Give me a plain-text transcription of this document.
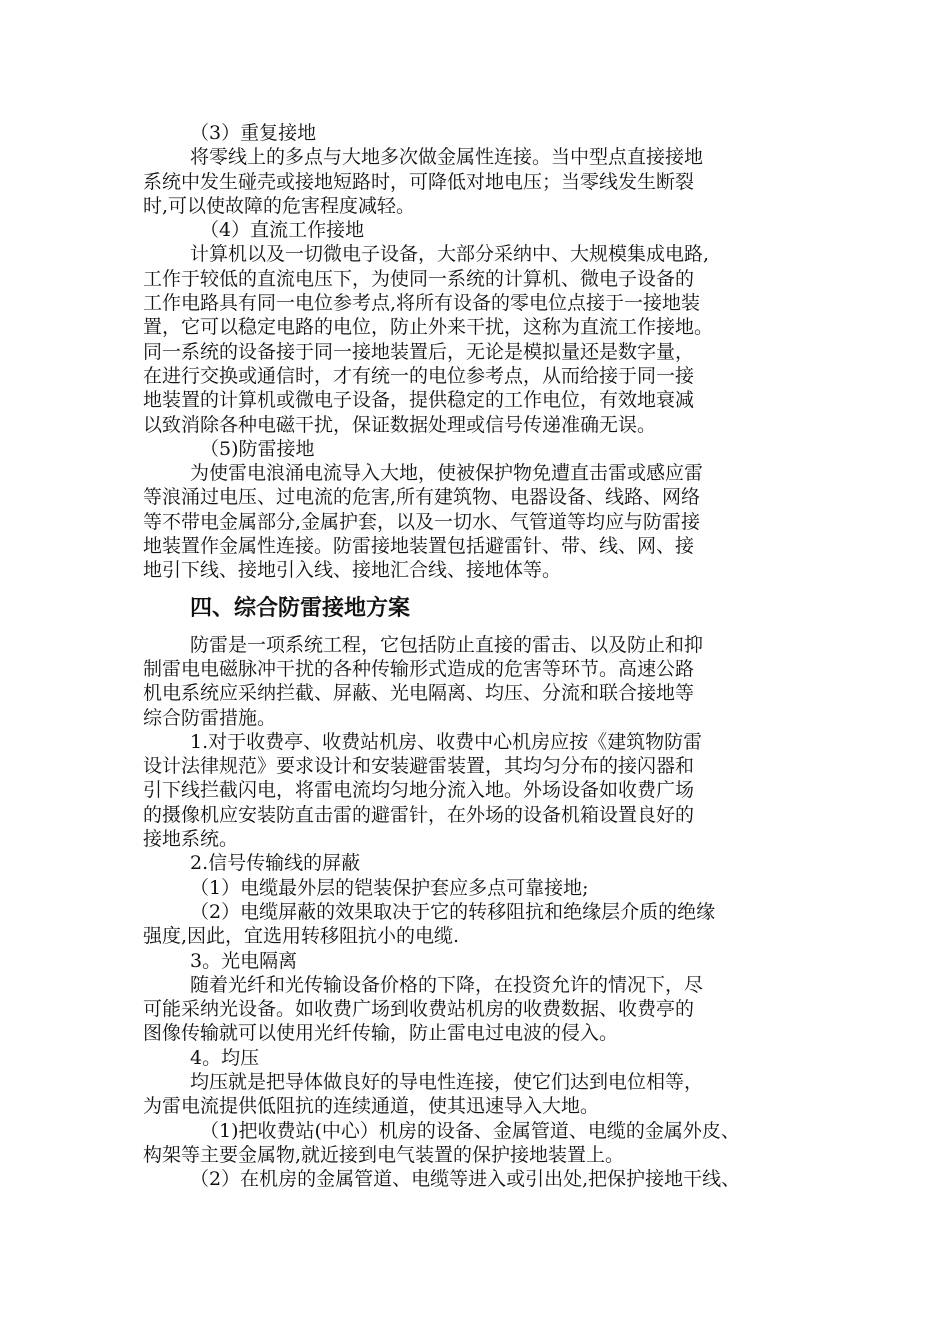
（3）重复接地
将零线上的多点与大地多次做金属性连接。当中型点直接接地
系统中发生碰壳或接地短路时，可降低对地电压；当零线发生断裂
时,可以使故障的危害程度减轻。
（4）直流工作接地
计算机以及一切微电子设备，大部分采纳中、大规模集成电路,
工作于较低的直流电压下，为使同一系统的计算机、微电子设备的
工作电路具有同一电位参考点,将所有设备的零电位点接于一接地装
置，它可以稳定电路的电位，防止外来干扰，这称为直流工作接地。
同一系统的设备接于同一接地装置后，无论是模拟量还是数字量，
在进行交换或通信时，才有统一的电位参考点，从而给接于同一接
地装置的计算机或微电子设备，提供稳定的工作电位，有效地衰减
以致消除各种电磁干扰，保证数据处理或信号传递准确无误。
（5)防雷接地
为使雷电浪涌电流导入大地，使被保护物免遭直击雷或感应雷
等浪涌过电压、过电流的危害,所有建筑物、电器设备、线路、网络
等不带电金属部分,金属护套，以及一切水、气管道等均应与防雷接
地装置作金属性连接。防雷接地装置包括避雷针、带、线、网、接
地引下线、接地引入线、接地汇合线、接地体等。
四、综合防雷接地方案
防雷是一项系统工程，它包括防止直接的雷击、以及防止和抑
制雷电电磁脉冲干扰的各种传输形式造成的危害等环节。高速公路
机电系统应采纳拦截、屏蔽、光电隔离、均压、分流和联合接地等
综合防雷措施。
1.对于收费亭、收费站机房、收费中心机房应按《建筑物防雷
设计法律规范》要求设计和安装避雷装置，其均匀分布的接闪器和
引下线拦截闪电，将雷电流均匀地分流入地。外场设备如收费广场
的摄像机应安装防直击雷的避雷针，在外场的设备机箱设置良好的
接地系统。
2.信号传输线的屏蔽
（1）电缆最外层的铠装保护套应多点可靠接地;
（2）电缆屏蔽的效果取决于它的转移阻抗和绝缘层介质的绝缘
强度,因此，宜选用转移阻抗小的电缆.
3。光电隔离
随着光纤和光传输设备价格的下降，在投资允许的情况下，尽
可能采纳光设备。如收费广场到收费站机房的收费数据、收费亭的
图像传输就可以使用光纤传输，防止雷电过电波的侵入。
4。均压
均压就是把导体做良好的导电性连接，使它们达到电位相等，
为雷电流提供低阻抗的连续通道，使其迅速导入大地。
（1)把收费站(中心）机房的设备、金属管道、电缆的金属外皮、
构架等主要金属物,就近接到电气装置的保护接地装置上。
（2）在机房的金属管道、电缆等进入或引出处,把保护接地干线、
